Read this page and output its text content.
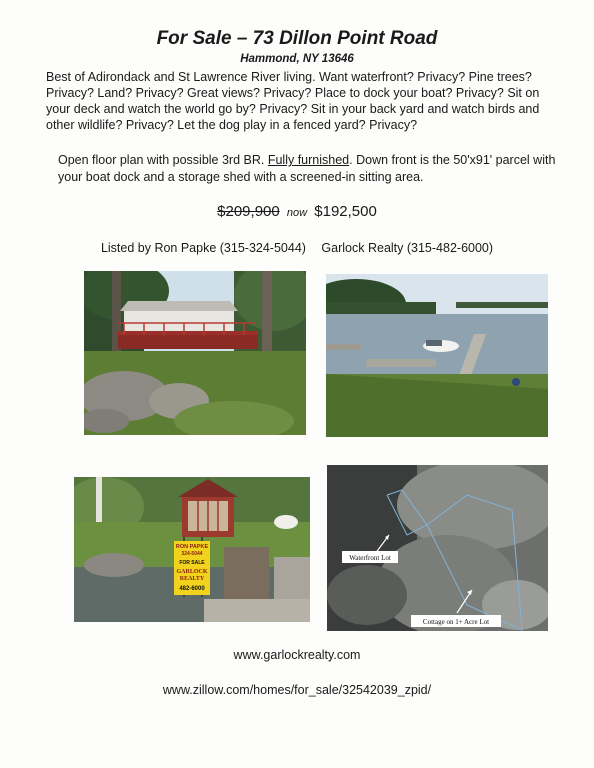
For Sale – 73 Dillon Point Road
Hammond, NY 13646
Best of Adirondack and St Lawrence River living. Want waterfront? Privacy? Pine trees? Privacy? Land? Privacy? Great views? Privacy? Place to dock your boat? Privacy? Sit on your deck and watch the world go by? Privacy? Sit in your back yard and watch birds and other wildlife? Privacy? Let the dog play in a fenced yard? Privacy?
Open floor plan with possible 3rd BR. Fully furnished. Down front is the 50'x91' parcel with your boat dock and a storage shed with a screened-in sitting area.
$209,900 now $192,500
Listed by Ron Papke (315-324-5044) Garlock Realty (315-482-6000)
RON PAPKE
324-5044
FOR SALE
GARLOCK
REALTY
482-6000
Waterfront Lot
Cottage on 1+ Acre Lot
www.garlockrealty.com
www.zillow.com/homes/for_sale/32542039_zpid/
